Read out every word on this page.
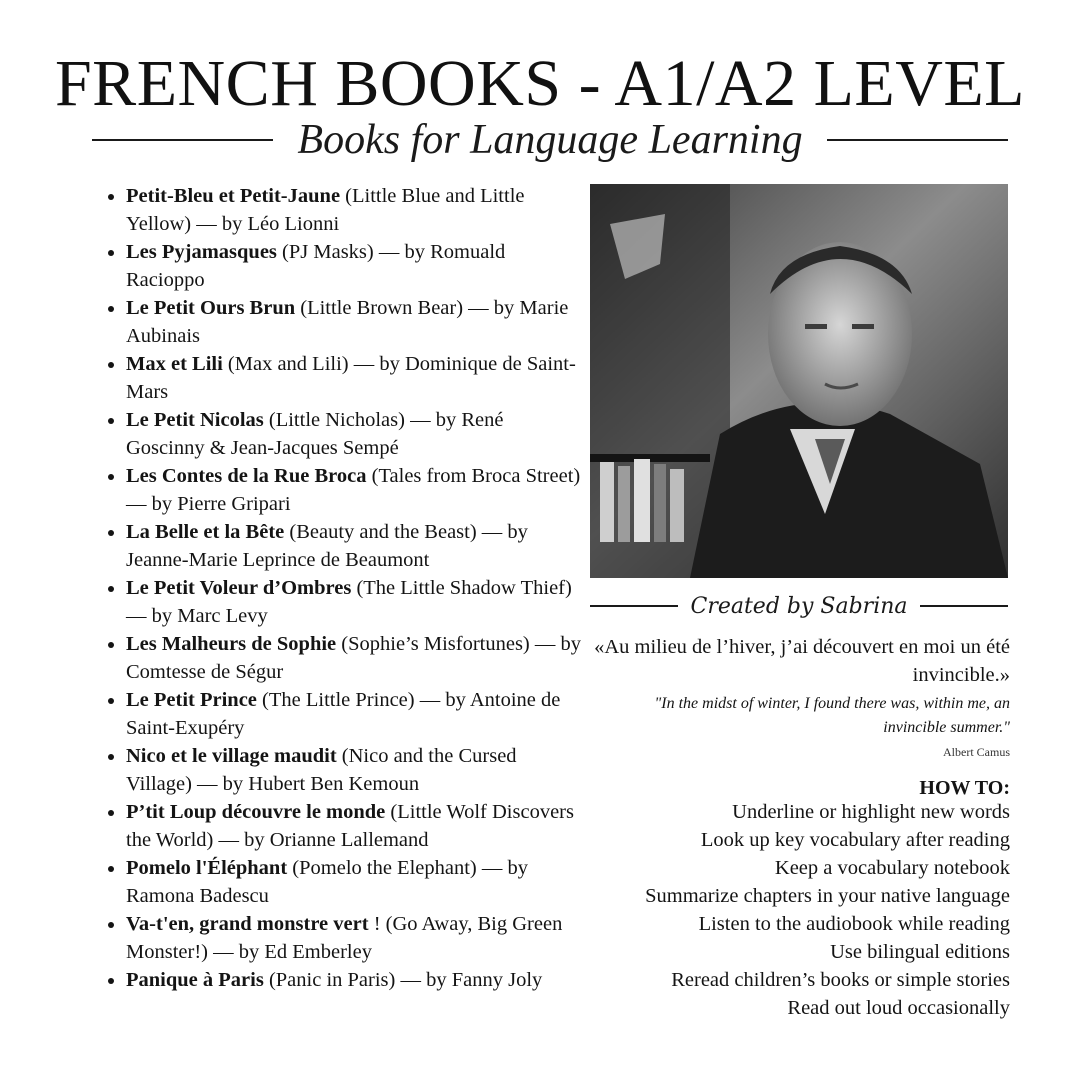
FRENCH BOOKS - A1/A2 LEVEL
Books for Language Learning
• Petit-Bleu et Petit-Jaune (Little Blue and Little Yellow) — by Léo Lionni
• Les Pyjamasques (PJ Masks) — by Romuald Racioppo
• Le Petit Ours Brun (Little Brown Bear) — by Marie Aubinais
• Max et Lili (Max and Lili) — by Dominique de Saint-Mars
• Le Petit Nicolas (Little Nicholas) — by René Goscinny & Jean-Jacques Sempé
• Les Contes de la Rue Broca (Tales from Broca Street) — by Pierre Gripari
• La Belle et la Bête (Beauty and the Beast) — by Jeanne-Marie Leprince de Beaumont
• Le Petit Voleur d’Ombres (The Little Shadow Thief) — by Marc Levy
• Les Malheurs de Sophie (Sophie’s Misfortunes) — by Comtesse de Ségur
• Le Petit Prince (The Little Prince) — by Antoine de Saint-Exupéry
• Nico et le village maudit (Nico and the Cursed Village) — by Hubert Ben Kemoun
• P’tit Loup découvre le monde (Little Wolf Discovers the World) — by Orianne Lallemand
• Pomelo l'Éléphant (Pomelo the Elephant) — by Ramona Badescu
• Va-t'en, grand monstre vert ! (Go Away, Big Green Monster!) — by Ed Emberley
• Panique à Paris (Panic in Paris) — by Fanny Joly
Created by Sabrina

«Au milieu de l’hiver, j’ai découvert en moi un été invincible.»

"In the midst of winter, I found there was, within me, an invincible summer."

Albert Camus

HOW TO:

Underline or highlight new words
Look up key vocabulary after reading
Keep a vocabulary notebook
Summarize chapters in your native language
Listen to the audiobook while reading
Use bilingual editions
Reread children’s books or simple stories
Read out loud occasionally
